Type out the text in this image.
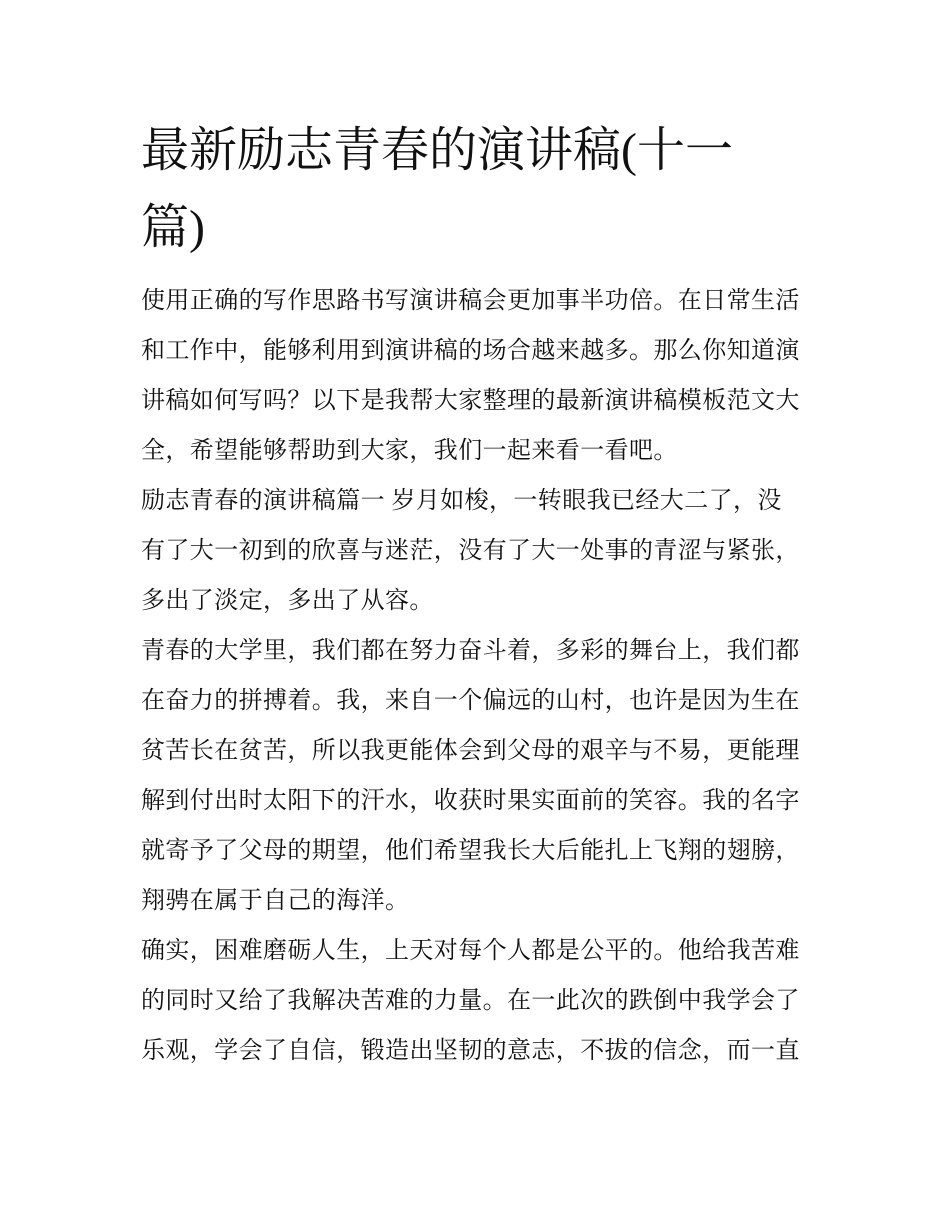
最新励志青春的演讲稿(十一
篇)
使用正确的写作思路书写演讲稿会更加事半功倍。在日常生活
和工作中，能够利用到演讲稿的场合越来越多。那么你知道演
讲稿如何写吗？以下是我帮大家整理的最新演讲稿模板范文大
全，希望能够帮助到大家，我们一起来看一看吧。
励志青春的演讲稿篇一 岁月如梭，一转眼我已经大二了，没
有了大一初到的欣喜与迷茫，没有了大一处事的青涩与紧张，
多出了淡定，多出了从容。
青春的大学里，我们都在努力奋斗着，多彩的舞台上，我们都
在奋力的拼搏着。我，来自一个偏远的山村，也许是因为生在
贫苦长在贫苦，所以我更能体会到父母的艰辛与不易，更能理
解到付出时太阳下的汗水，收获时果实面前的笑容。我的名字
就寄予了父母的期望，他们希望我长大后能扎上飞翔的翅膀，
翔骋在属于自己的海洋。
确实，困难磨砺人生，上天对每个人都是公平的。他给我苦难
的同时又给了我解决苦难的力量。在一此次的跌倒中我学会了
乐观，学会了自信，锻造出坚韧的意志，不拔的信念，而一直
